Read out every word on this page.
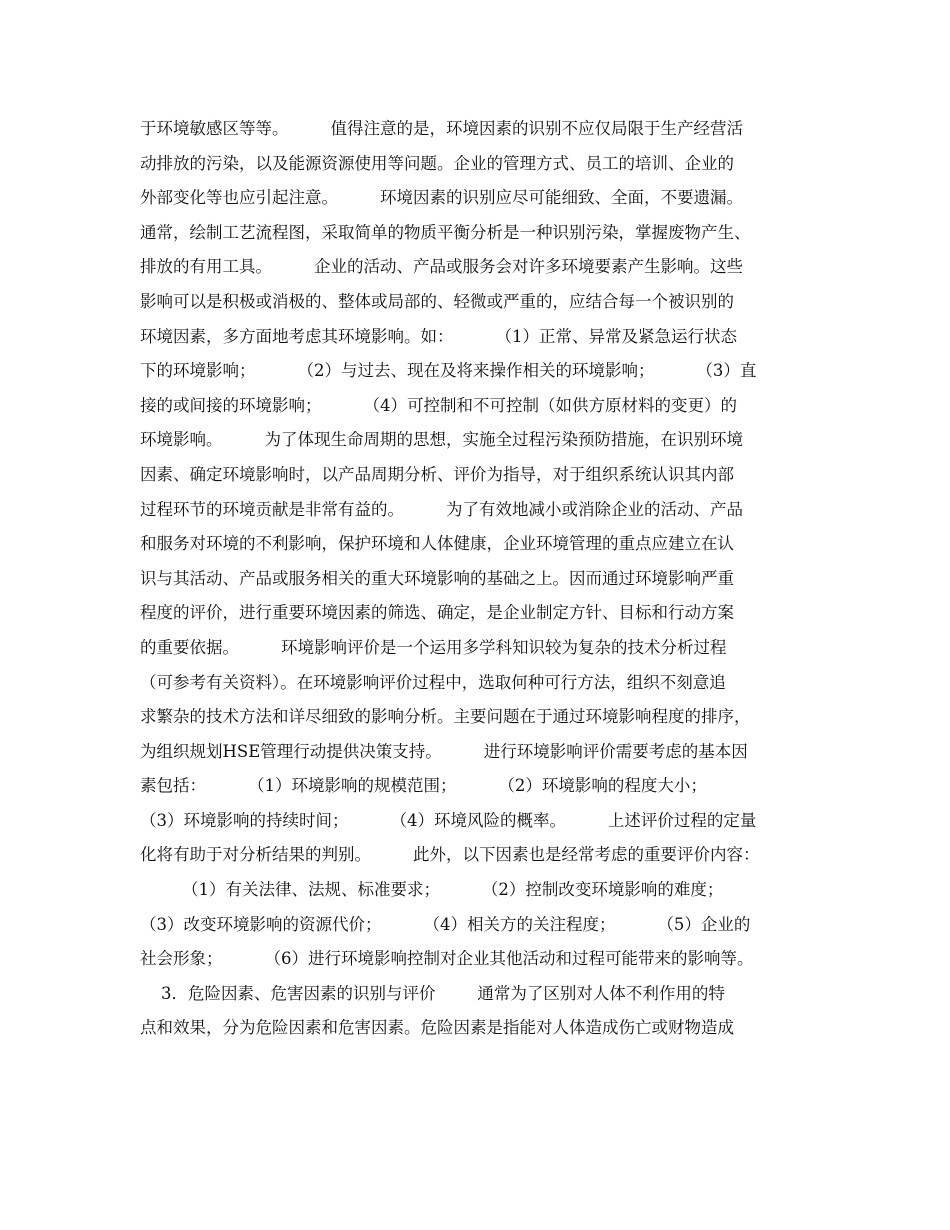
于环境敏感区等等。        值得注意的是，环境因素的识别不应仅局限于生产经营活
动排放的污染，以及能源资源使用等问题。企业的管理方式、员工的培训、企业的
外部变化等也应引起注意。        环境因素的识别应尽可能细致、全面，不要遗漏。
通常，绘制工艺流程图，采取简单的物质平衡分析是一种识别污染，掌握废物产生、
排放的有用工具。        企业的活动、产品或服务会对许多环境要素产生影响。这些
影响可以是积极或消极的、整体或局部的、轻微或严重的，应结合每一个被识别的
环境因素，多方面地考虑其环境影响。如：        （1）正常、异常及紧急运行状态
下的环境影响；        （2）与过去、现在及将来操作相关的环境影响；        （3）直
接的或间接的环境影响；        （4）可控制和不可控制（如供方原材料的变更）的
环境影响。        为了体现生命周期的思想，实施全过程污染预防措施，在识别环境
因素、确定环境影响时，以产品周期分析、评价为指导，对于组织系统认识其内部
过程环节的环境贡献是非常有益的。        为了有效地减小或消除企业的活动、产品
和服务对环境的不利影响，保护环境和人体健康，企业环境管理的重点应建立在认
识与其活动、产品或服务相关的重大环境影响的基础之上。因而通过环境影响严重
程度的评价，进行重要环境因素的筛选、确定，是企业制定方针、目标和行动方案
的重要依据。        环境影响评价是一个运用多学科知识较为复杂的技术分析过程
（可参考有关资料）。在环境影响评价过程中，选取何种可行方法，组织不刻意追
求繁杂的技术方法和详尽细致的影响分析。主要问题在于通过环境影响程度的排序，
为组织规划HSE管理行动提供决策支持。        进行环境影响评价需要考虑的基本因
素包括：        （1）环境影响的规模范围；        （2）环境影响的程度大小；
（3）环境影响的持续时间；        （4）环境风险的概率。        上述评价过程的定量
化将有助于对分析结果的判别。        此外，以下因素也是经常考虑的重要评价内容：
（1）有关法律、法规、标准要求；        （2）控制改变环境影响的难度；
（3）改变环境影响的资源代价；        （4）相关方的关注程度；        （5）企业的
社会形象；        （6）进行环境影响控制对企业其他活动和过程可能带来的影响等。
3．危险因素、危害因素的识别与评价        通常为了区别对人体不利作用的特
点和效果，分为危险因素和危害因素。危险因素是指能对人体造成伤亡或财物造成
